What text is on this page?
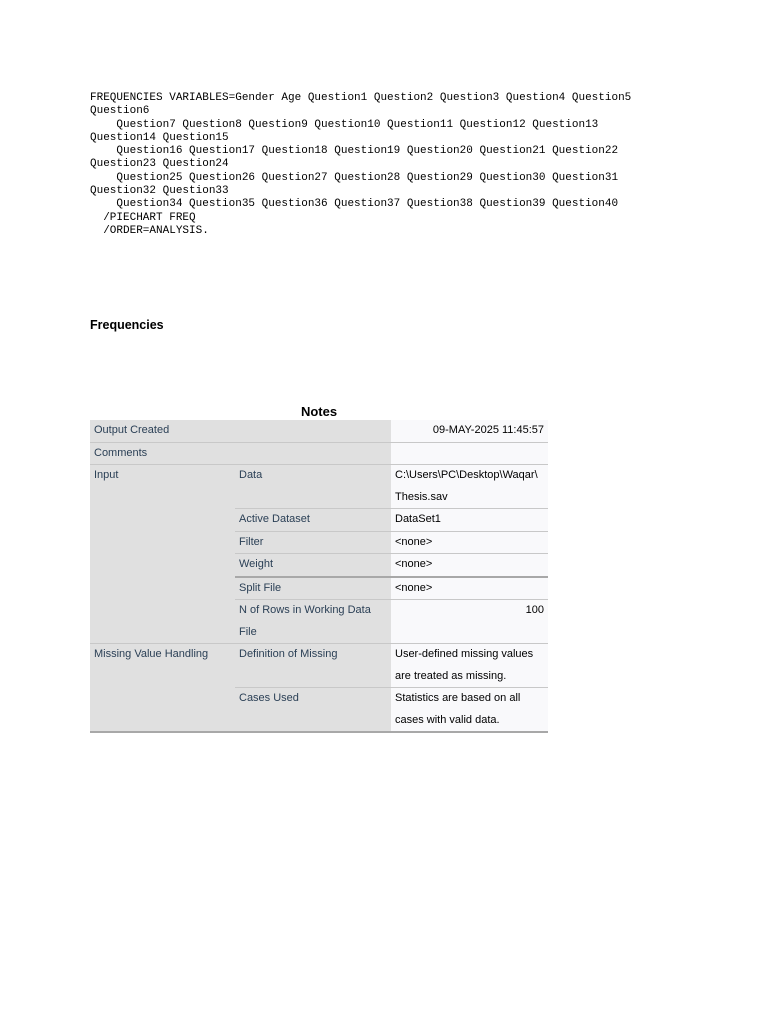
FREQUENCIES VARIABLES=Gender Age Question1 Question2 Question3 Question4 Question5
Question6
Question7 Question8 Question9 Question10 Question11 Question12 Question13
Question14 Question15
Question16 Question17 Question18 Question19 Question20 Question21 Question22
Question23 Question24
Question25 Question26 Question27 Question28 Question29 Question30 Question31
Question32 Question33
Question34 Question35 Question36 Question37 Question38 Question39 Question40
/PIECHART FREQ
/ORDER=ANALYSIS.
Frequencies
Notes
Output Created		09-MAY-2025 11:45:57
Comments		
Input	Data	C:\Users\PC\Desktop\Waqar\ Thesis.sav
	Active Dataset	DataSet1
	Filter	<none>
	Weight	<none>
	Split File	<none>
	N of Rows in Working Data File	100
Missing Value Handling	Definition of Missing	User-defined missing values are treated as missing.
	Cases Used	Statistics are based on all cases with valid data.
